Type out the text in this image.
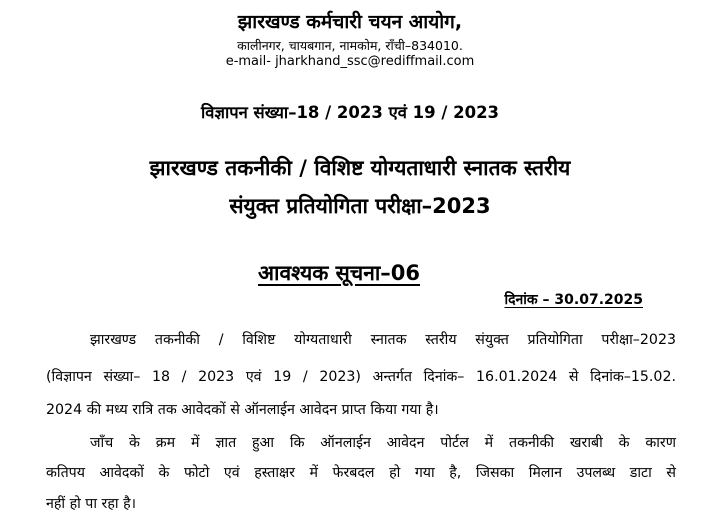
झारखण्ड कर्मचारी चयन आयोग,
कालीनगर, चायबगान, नामकोम, राँची–834010.
e-mail- jharkhand_ssc@rediffmail.com
विज्ञापन संख्या–18 / 2023 एवं 19 / 2023
झारखण्ड तकनीकी / विशिष्ट योग्यताधारी स्नातक स्तरीय
संयुक्त प्रतियोगिता परीक्षा–2023
आवश्यक सूचना–06
दिनांक – 30.07.2025
झारखण्ड तकनीकी / विशिष्ट योग्यताधारी स्नातक स्तरीय संयुक्त प्रतियोगिता परीक्षा–2023
(विज्ञापन संख्या– 18 / 2023 एवं 19 / 2023) अन्तर्गत दिनांक– 16.01.2024 से दिनांक–15.02.
2024 की मध्य रात्रि तक आवेदकों से ऑनलाईन आवेदन प्राप्त किया गया है।
जाँच के क्रम में ज्ञात हुआ कि ऑनलाईन आवेदन पोर्टल में तकनीकी खराबी के कारण
कतिपय आवेदकों के फोटो एवं हस्ताक्षर में फेरबदल हो गया है, जिसका मिलान उपलब्ध डाटा से
नहीं हो पा रहा है।
